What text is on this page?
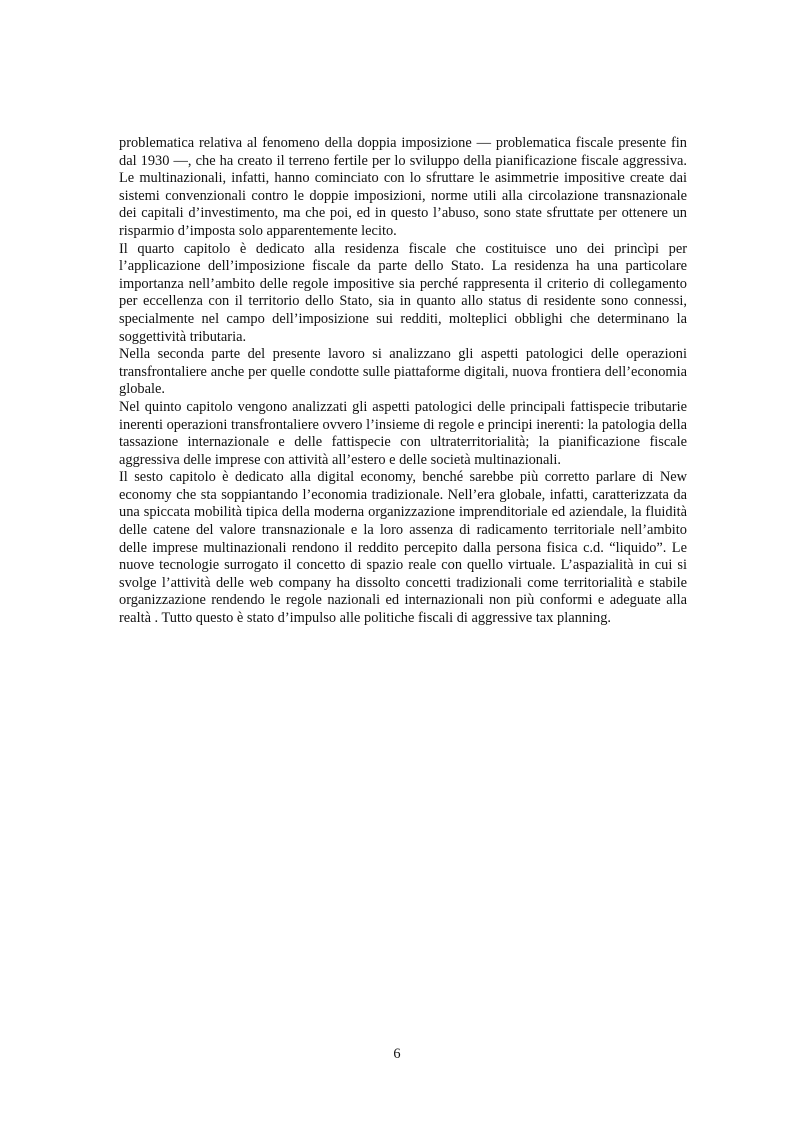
problematica relativa al fenomeno della doppia imposizione — problematica fiscale presente fin dal 1930 —, che ha creato il terreno fertile per lo sviluppo della pianificazione fiscale aggressiva. Le multinazionali, infatti, hanno cominciato con lo sfruttare le asimmetrie impositive create dai sistemi convenzionali contro le doppie imposizioni, norme utili alla circolazione transnazionale dei capitali d’investimento, ma che poi, ed in questo l’abuso, sono state sfruttate per ottenere un risparmio d’imposta solo apparentemente lecito.

Il quarto capitolo è dedicato alla residenza fiscale che costituisce uno dei princìpi per l’applicazione dell’imposizione fiscale da parte dello Stato. La residenza ha una particolare importanza nell’ambito delle regole impositive sia perché rappresenta il criterio di collegamento per eccellenza con il territorio dello Stato, sia in quanto allo status di residente sono connessi, specialmente nel campo dell’imposizione sui redditi, molteplici obblighi che determinano la soggettività tributaria.

Nella seconda parte del presente lavoro si analizzano gli aspetti patologici delle operazioni transfrontaliere anche per quelle condotte sulle piattaforme digitali, nuova frontiera dell’economia globale.

Nel quinto capitolo vengono analizzati gli aspetti patologici delle principali fattispecie tributarie inerenti operazioni transfrontaliere ovvero l’insieme di regole e principi inerenti: la patologia della tassazione internazionale e delle fattispecie con ultraterritorialità; la pianificazione fiscale aggressiva delle imprese con attività all’estero e delle società multinazionali.

Il sesto capitolo è dedicato alla digital economy, benché sarebbe più corretto parlare di New economy che sta soppiantando l’economia tradizionale. Nell’era globale, infatti, caratterizzata da una spiccata mobilità tipica della moderna organizzazione imprenditoriale ed aziendale, la fluidità delle catene del valore transnazionale e la loro assenza di radicamento territoriale nell’ambito delle imprese multinazionali rendono il reddito percepito dalla persona fisica c.d. “liquido”. Le nuove tecnologie surrogato il concetto di spazio reale con quello virtuale. L’aspazialità in cui si svolge l’attività delle web company ha dissolto concetti tradizionali come territorialità e stabile organizzazione rendendo le regole nazionali ed internazionali non più conformi e adeguate alla realtà . Tutto questo è stato d’impulso alle politiche fiscali di aggressive tax planning.

6
